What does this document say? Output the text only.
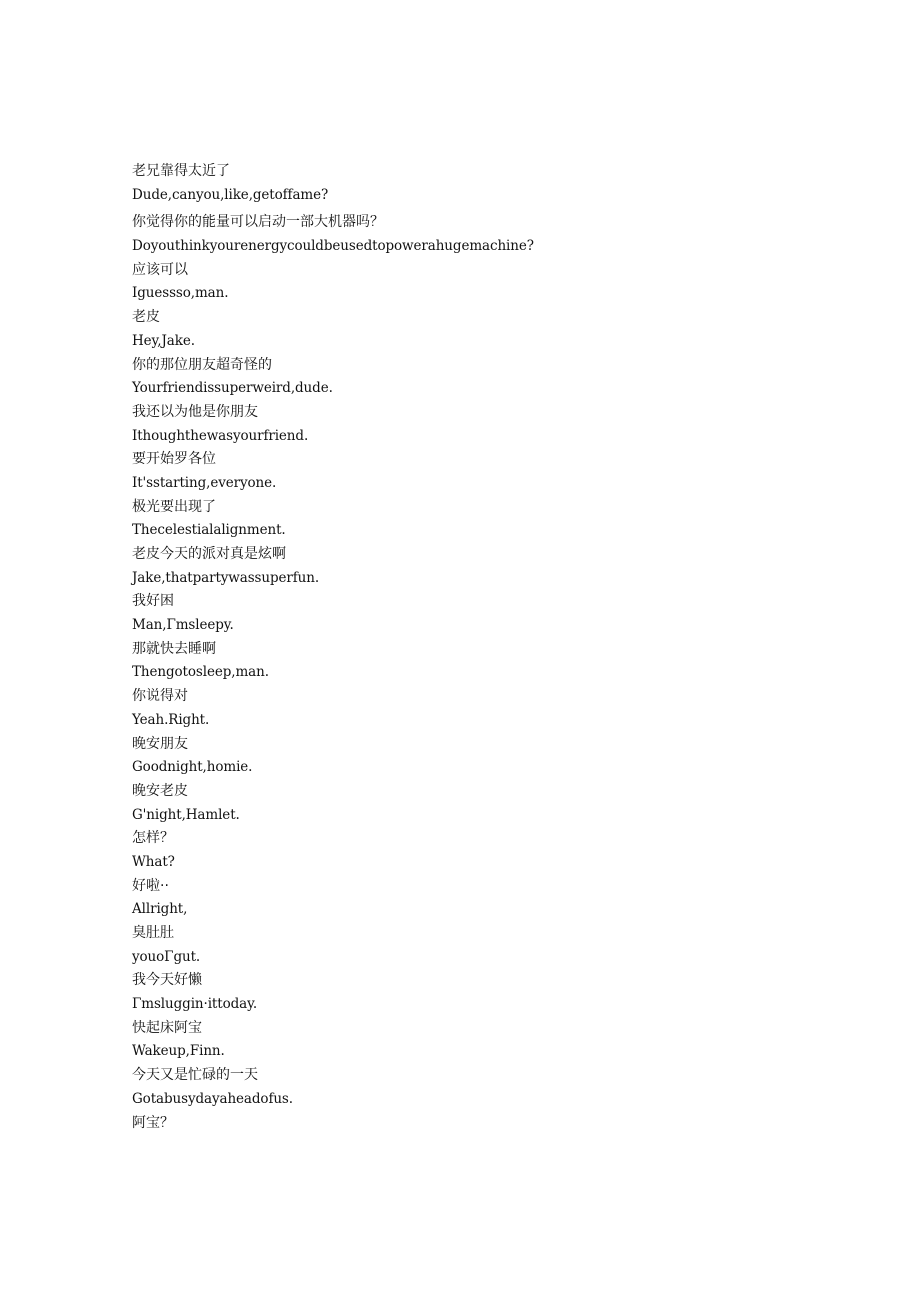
老兄靠得太近了
Dude,canyou,like,getoffame?
你觉得你的能量可以启动一部大机器吗？
Doyouthinkyourenergycouldbeusedtopowerahugemachine?
应该可以
Iguessso,man.
老皮
Hey,Jake.
你的那位朋友超奇怪的
Yourfriendissuperweird,dude.
我还以为他是你朋友
Ithoughthewasyourfriend.
要开始罗各位
It'sstarting,everyone.
极光要出现了
Thecelestialalignment.
老皮今天的派对真是炫啊
Jake,thatpartywassuperfun.
我好困
Man,Γmsleepy.
那就快去睡啊
Thengotosleep,man.
你说得对
Yeah.Right.
晚安朋友
Goodnight,homie.
晚安老皮
G'night,Hamlet.
怎样？
What?
好啦··
Allright,
臭肚肚
youoΓgut.
我今天好懒
Γmsluggin·ittoday.
快起床阿宝
Wakeup,Finn.
今天又是忙碌的一天
Gotabusydayaheadofus.
阿宝？
